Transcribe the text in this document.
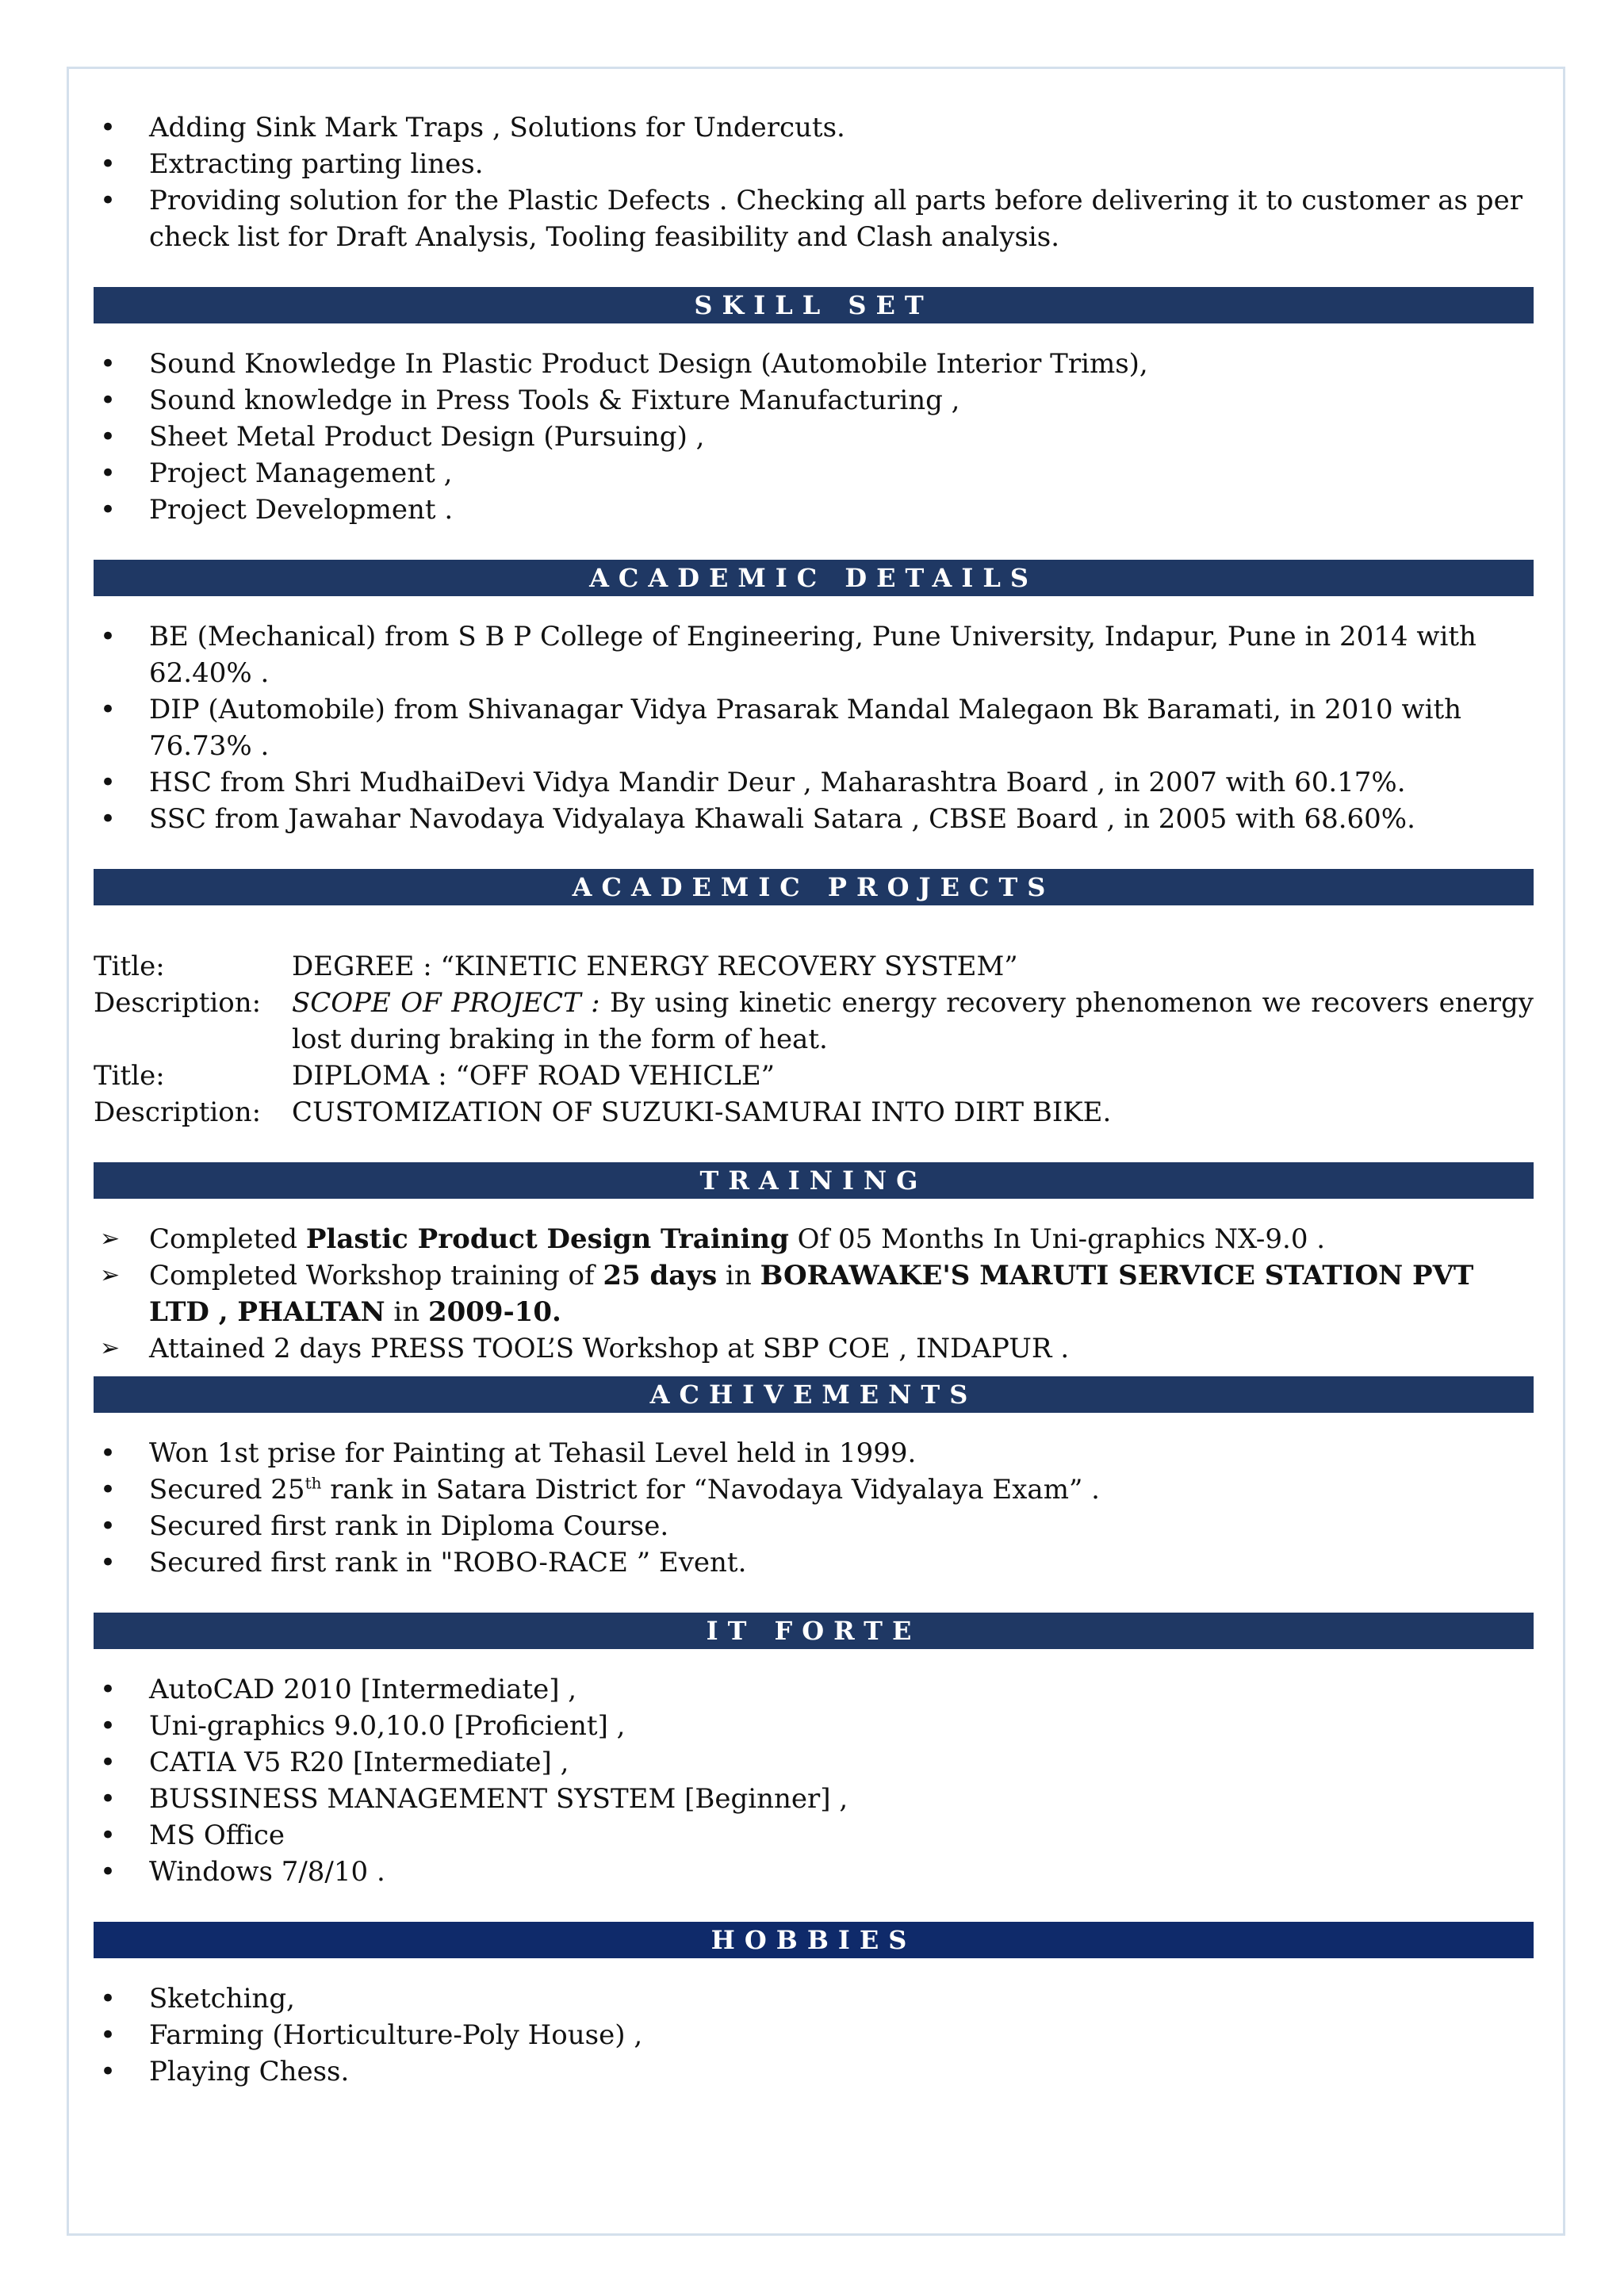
•	Adding Sink Mark Traps , Solutions for Undercuts.
•	Extracting parting lines.
•	Providing solution for the Plastic Defects . Checking all parts before delivering it to customer as per check list for Draft Analysis, Tooling feasibility and Clash analysis.
SKILL SET
•	Sound Knowledge In Plastic Product Design (Automobile Interior Trims),
•	Sound knowledge in Press Tools & Fixture Manufacturing ,
•	Sheet Metal Product Design (Pursuing) ,
•	Project Management ,
•	Project Development .
ACADEMIC DETAILS
•	BE (Mechanical) from S B P College of Engineering, Pune University, Indapur, Pune in 2014 with 62.40% .
•	DIP (Automobile) from Shivanagar Vidya Prasarak Mandal Malegaon Bk Baramati, in 2010 with 76.73% .
•	HSC from Shri MudhaiDevi Vidya Mandir Deur , Maharashtra Board , in 2007 with 60.17%.
•	SSC from Jawahar Navodaya Vidyalaya Khawali Satara , CBSE Board , in 2005 with 68.60%.
ACADEMIC PROJECTS
Title:	DEGREE : “KINETIC ENERGY RECOVERY SYSTEM”
Description:	SCOPE OF PROJECT : By using kinetic energy recovery phenomenon we recovers energy lost during braking in the form of heat.
Title:	DIPLOMA : “OFF ROAD VEHICLE”
Description:	CUSTOMIZATION OF SUZUKI-SAMURAI INTO DIRT BIKE.
TRAINING
➢	Completed Plastic Product Design Training Of 05 Months In Uni-graphics NX-9.0 .
➢	Completed Workshop training of 25 days in BORAWAKE'S MARUTI SERVICE STATION PVT LTD , PHALTAN in 2009-10.
➢	Attained 2 days PRESS TOOL’S Workshop at SBP COE , INDAPUR .
ACHIVEMENTS
•	Won 1st prise for Painting at Tehasil Level held in 1999.
•	Secured 25th rank in Satara District for “Navodaya Vidyalaya Exam” .
•	Secured first rank in Diploma Course.
•	Secured first rank in "ROBO-RACE ” Event.
IT FORTE
•	AutoCAD 2010 [Intermediate] ,
•	Uni-graphics 9.0,10.0 [Proficient] ,
•	CATIA V5 R20 [Intermediate] ,
•	BUSSINESS MANAGEMENT SYSTEM [Beginner] ,
•	MS Office
•	Windows 7/8/10 .
HOBBIES
•	Sketching,
•	Farming (Horticulture-Poly House) ,
•	Playing Chess.
